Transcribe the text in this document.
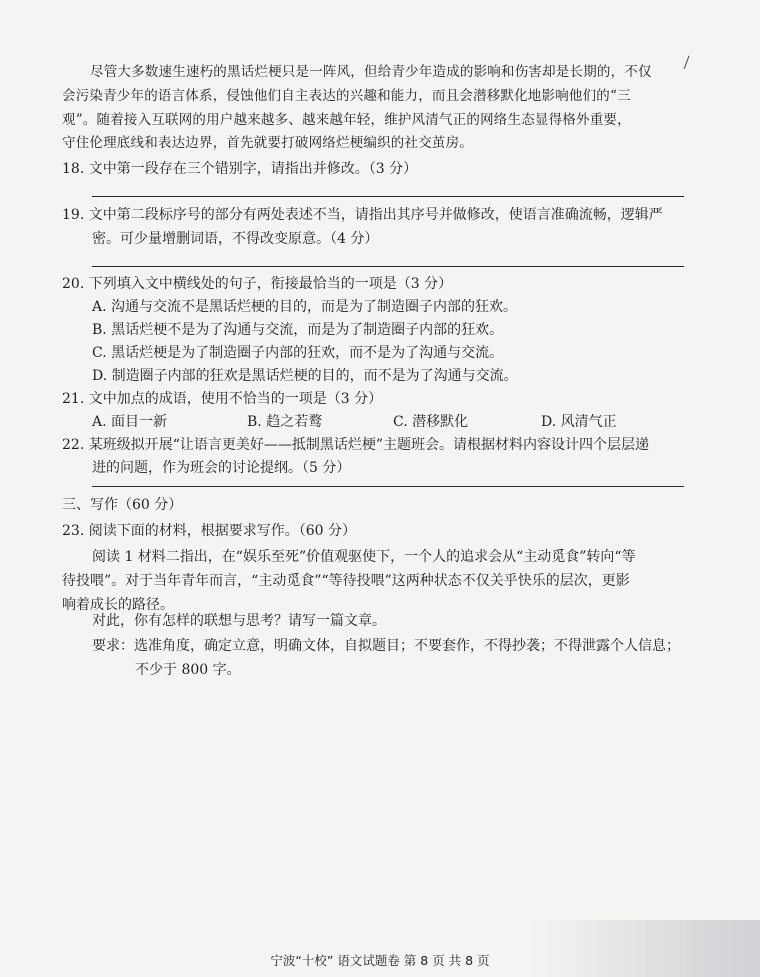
尽管大多数速生速朽的黑话烂梗只是一阵风，但给青少年造成的影响和伤害却是长期的，不仅
会污染青少年的语言体系，侵蚀他们自主表达的兴趣和能力，而且会潜移默化地影响他们的“三
观”。随着接入互联网的用户越来越多、越来越年轻，维护风清气正的网络生态显得格外重要，
守住伦理底线和表达边界，首先就要打破网络烂梗编织的社交茧房。
18. 文中第一段存在三个错别字，请指出并修改。（3 分）
19. 文中第二段标序号的部分有两处表述不当，请指出其序号并做修改，使语言准确流畅，逻辑严
密。可少量增删词语，不得改变原意。（4 分）
20. 下列填入文中横线处的句子，衔接最恰当的一项是（3 分）
A. 沟通与交流不是黑话烂梗的目的，而是为了制造圈子内部的狂欢。
B. 黑话烂梗不是为了沟通与交流，而是为了制造圈子内部的狂欢。
C. 黑话烂梗是为了制造圈子内部的狂欢，而不是为了沟通与交流。
D. 制造圈子内部的狂欢是黑话烂梗的目的，而不是为了沟通与交流。
21. 文中加点的成语，使用不恰当的一项是（3 分）
A. 面目一新	B. 趋之若鹜	C. 潜移默化	D. 风清气正
22. 某班级拟开展“让语言更美好——抵制黑话烂梗”主题班会。请根据材料内容设计四个层层递
进的问题，作为班会的讨论提纲。（5 分）
三、写作（60 分）
23. 阅读下面的材料，根据要求写作。（60 分）
阅读 1 材料二指出，在“娱乐至死”价值观驱使下，一个人的追求会从“主动觅食”转向“等
待投喂”。对于当年青年而言，“主动觅食”“等待投喂”这两种状态不仅关乎快乐的层次，更影
响着成长的路径。
对此，你有怎样的联想与思考？请写一篇文章。
要求：选准角度，确定立意，明确文体，自拟题目；不要套作，不得抄袭；不得泄露个人信息；
不少于 800 字。
宁波“十校” 语文试题卷 第 8 页 共 8 页
